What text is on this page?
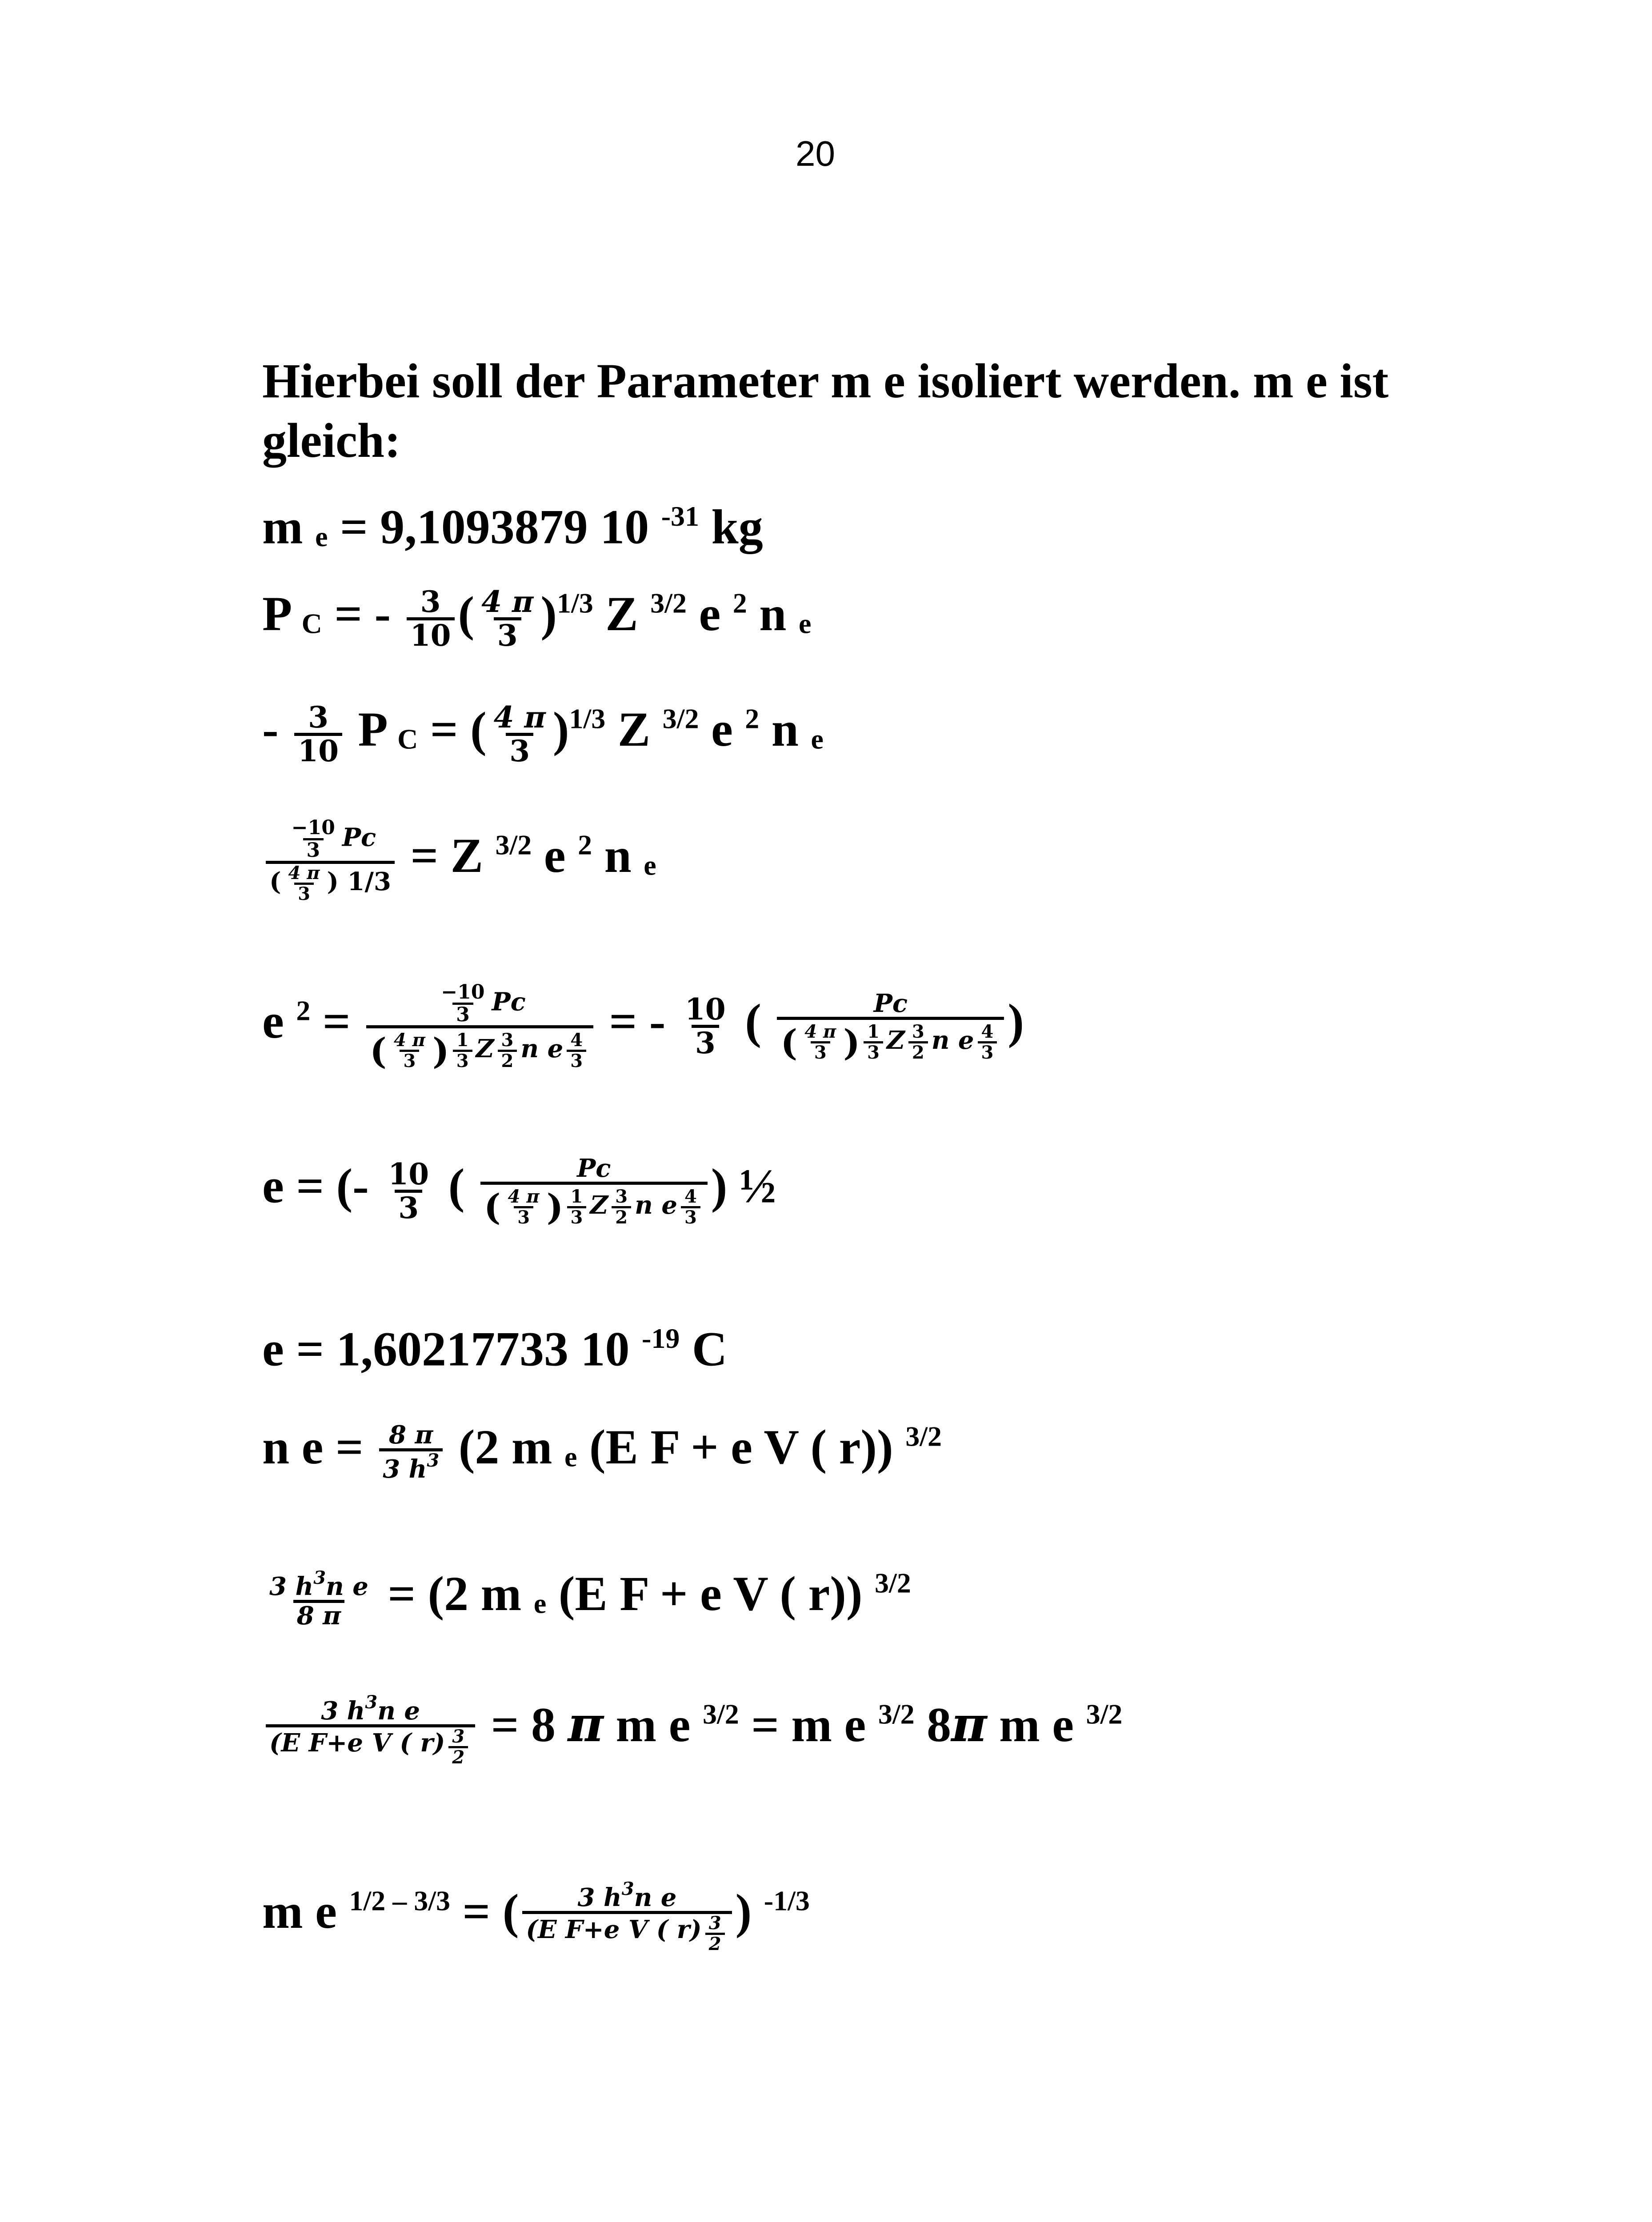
20
Hierbei soll der Parameter m e isoliert werden. m e ist gleich:
m e = 9,1093879 10 $^{-31}$ kg
P C = - $\frac{3}{10}$ ( $\frac{4 \pi}{3} )^{1/3}$ Z $^{3/2}$ e $^2$ n e
- $\frac{3}{10}$ P C = ( $\frac{4 \pi}{3} )^{1/3}$ Z $^{3/2}$ e $^2$ n e
$\frac{\frac{-10}{3} Pc}{( \frac{4 \pi}{3} ) 1/3} = Z$ $^{3/2}$ e $^2$ n e
e $^2 = \frac{\frac{-10}{3} Pc}{( \frac{4 \pi}{3} ) \frac{1}{3} Z \frac{3}{2} n e \frac{4}{3}}$ = - $\frac{10}{3}$ ( $\frac{Pc}{( \frac{4 \pi}{3} ) \frac{1}{3} Z \frac{3}{2} n e \frac{4}{3}}$ )
e = (- $\frac{10}{3}$ ( $\frac{Pc}{( \frac{4 \pi}{3} ) \frac{1}{3} Z \frac{3}{2} n e \frac{4}{3}}$ ) ½
e = 1,60217733 10 $^{-19}$ C
n $e = \frac{8 \pi}{3 h^3} (2$ m e (E F + e V ( r)) $^{3/2}$
$\frac{3 h^3n e}{8 \pi} = (2$ m e (E F + e V ( r)) $^{3/2}$
$\frac{3 h^3n e}{(E F+e V ( r) \frac{3}{2}} = 8$ π m e $^{3/2}$ = m e $^{3/2}$ 8π m e $^{3/2}$
m e $^{1/2 - 3/3}$ = ( $\frac{3 h^3n e}{(E F+e V ( r) \frac{3}{2}}$ ) $^{-1/3}$
